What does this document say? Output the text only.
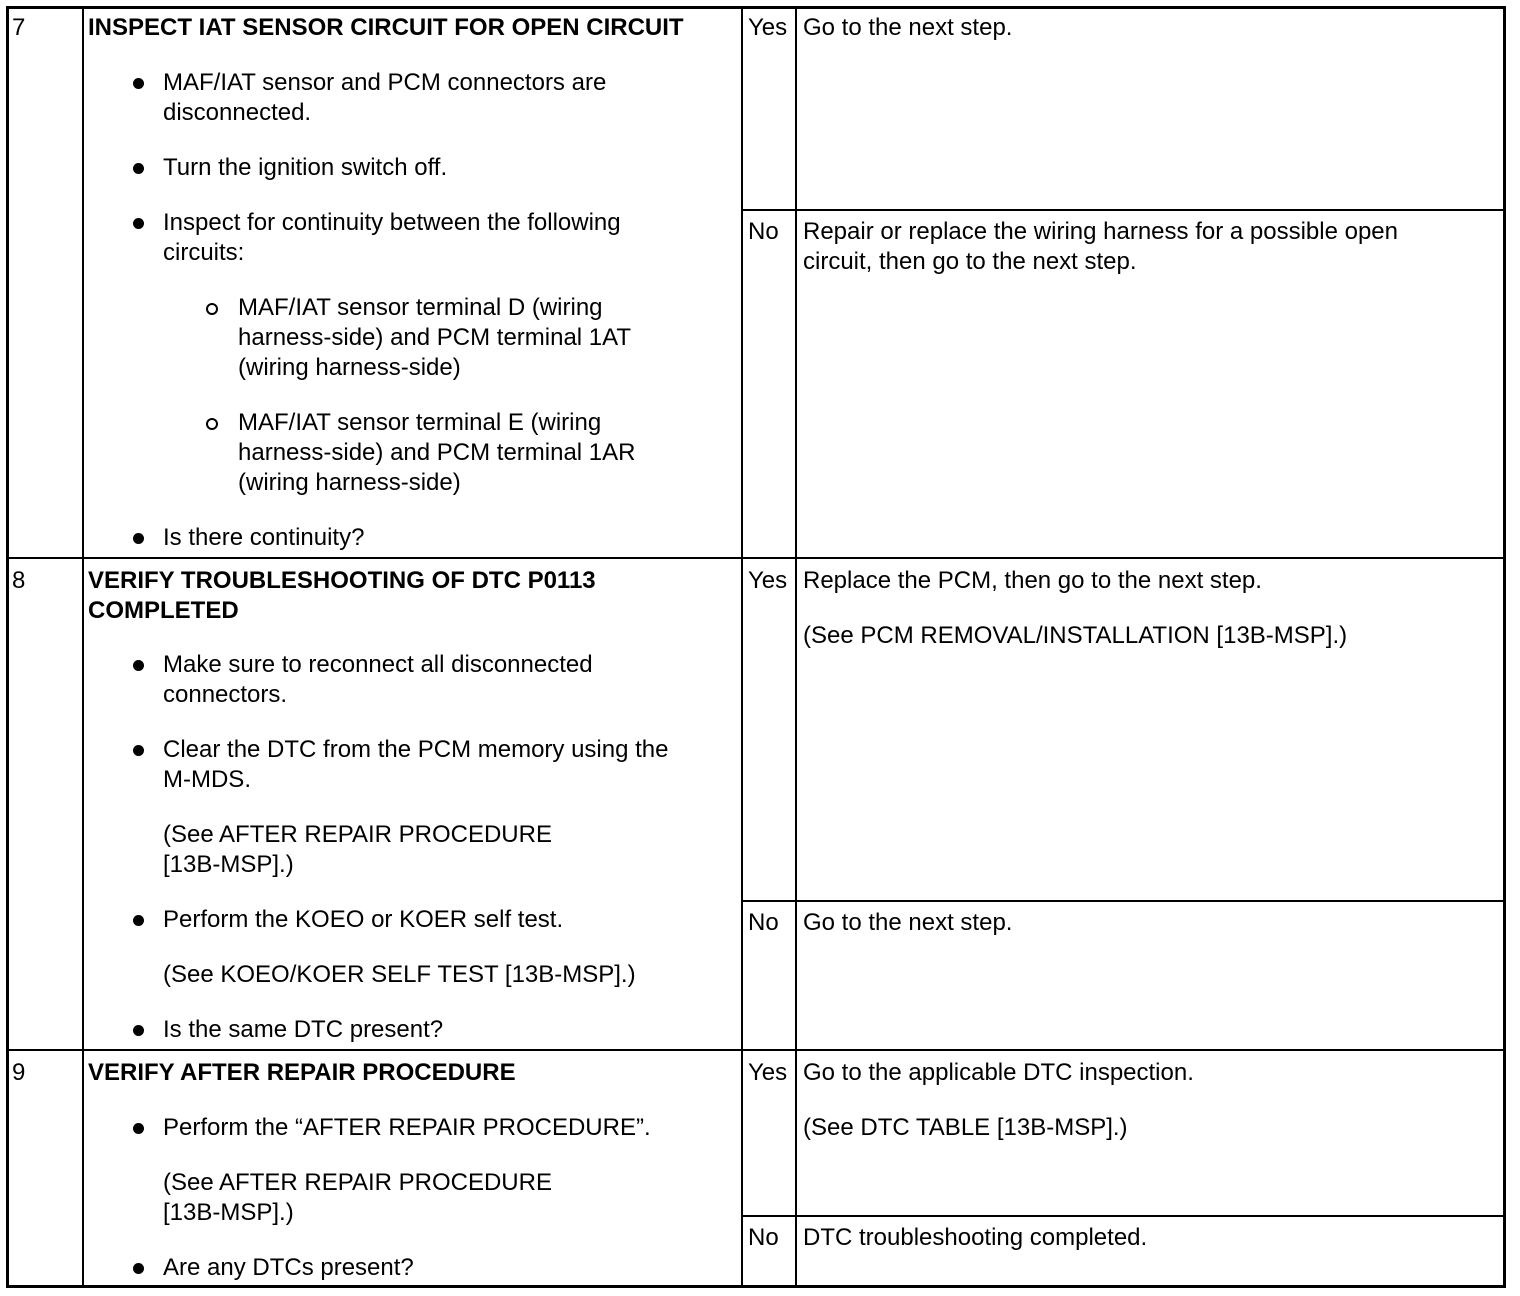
7	INSPECT IAT SENSOR CIRCUIT FOR OPEN CIRCUIT
MAF/IAT sensor and PCM connectors are
disconnected.
Turn the ignition switch off.
Inspect for continuity between the following
circuits:
MAF/IAT sensor terminal D (wiring
harness-side) and PCM terminal 1AT
(wiring harness-side)
MAF/IAT sensor terminal E (wiring
harness-side) and PCM terminal 1AR
(wiring harness-side)
Is there continuity?
Yes Go to the next step.
No Repair or replace the wiring harness for a possible open
circuit, then go to the next step.
8	VERIFY TROUBLESHOOTING OF DTC P0113
COMPLETED
Make sure to reconnect all disconnected
connectors.
Clear the DTC from the PCM memory using the
M-MDS.
(See AFTER REPAIR PROCEDURE
[13B-MSP].)
Perform the KOEO or KOER self test.
(See KOEO/KOER SELF TEST [13B-MSP].)
Is the same DTC present?
Yes Replace the PCM, then go to the next step.
(See PCM REMOVAL/INSTALLATION [13B-MSP].)
No Go to the next step.
9	VERIFY AFTER REPAIR PROCEDURE
Perform the “AFTER REPAIR PROCEDURE”.
(See AFTER REPAIR PROCEDURE
[13B-MSP].)
Are any DTCs present?
Yes Go to the applicable DTC inspection.
(See DTC TABLE [13B-MSP].)
No DTC troubleshooting completed.
